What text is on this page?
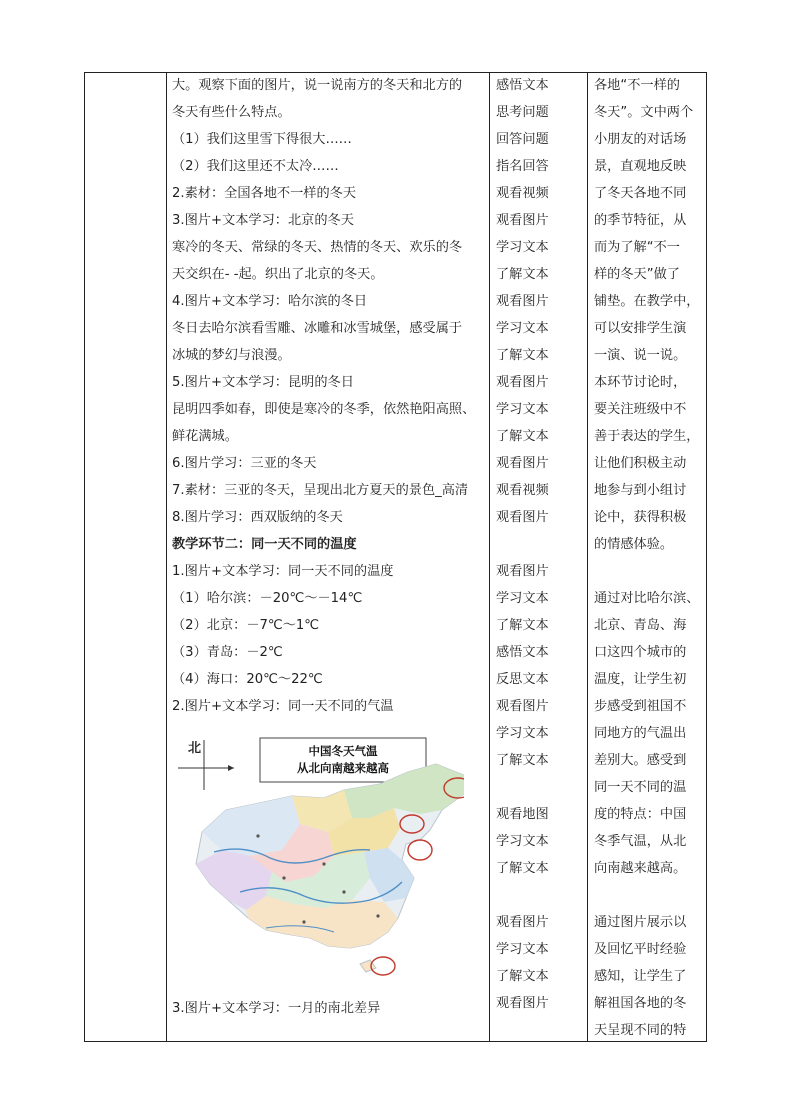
大。观察下面的图片，说一说南方的冬天和北方的
冬天有些什么特点。
（1）我们这里雪下得很大……
（2）我们这里还不太冷……
2.素材：全国各地不一样的冬天
3.图片+文本学习：北京的冬天
寒冷的冬天、常绿的冬天、热情的冬天、欢乐的冬
天交织在- -起。织出了北京的冬天。
4.图片+文本学习：哈尔滨的冬日
冬日去哈尔滨看雪雕、冰雕和冰雪城堡，感受属于
冰城的梦幻与浪漫。
5.图片+文本学习：昆明的冬日
昆明四季如春，即使是寒冷的冬季，依然艳阳高照、
鲜花满城。
6.图片学习：三亚的冬天
7.素材：三亚的冬天，呈现出北方夏天的景色_高清
8.图片学习：西双版纳的冬天
教学环节二：同一天不同的温度
1.图片+文本学习：同一天不同的温度
（1）哈尔滨：－20℃～－14℃
（2）北京：－7℃～1℃
（3）青岛：－2℃
（4）海口：20℃～22℃
2.图片+文本学习：同一天不同的气温
北	中国冬天气温
从北向南越来越高
3.图片+文本学习：一月的南北差异
感悟文本
思考问题
回答问题
指名回答
观看视频
观看图片
学习文本
了解文本
观看图片
学习文本
了解文本
观看图片
学习文本
了解文本
观看图片
观看视频
观看图片
观看图片
学习文本
了解文本
感悟文本
反思文本
观看图片
学习文本
了解文本
观看地图
学习文本
了解文本
观看图片
学习文本
了解文本
观看图片
各地“不一样的
冬天”。文中两个
小朋友的对话场
景，直观地反映
了冬天各地不同
的季节特征，从
而为了解“不一
样的冬天”做了
铺垫。在教学中，
可以安排学生演
一演、说一说。
本环节讨论时，
要关注班级中不
善于表达的学生，
让他们积极主动
地参与到小组讨
论中，获得积极
的情感体验。
通过对比哈尔滨、
北京、青岛、海
口这四个城市的
温度，让学生初
步感受到祖国不
同地方的气温出
差别大。感受到
同一天不同的温
度的特点：中国
冬季气温，从北
向南越来越高。
通过图片展示以
及回忆平时经验
感知，让学生了
解祖国各地的冬
天呈现不同的特
